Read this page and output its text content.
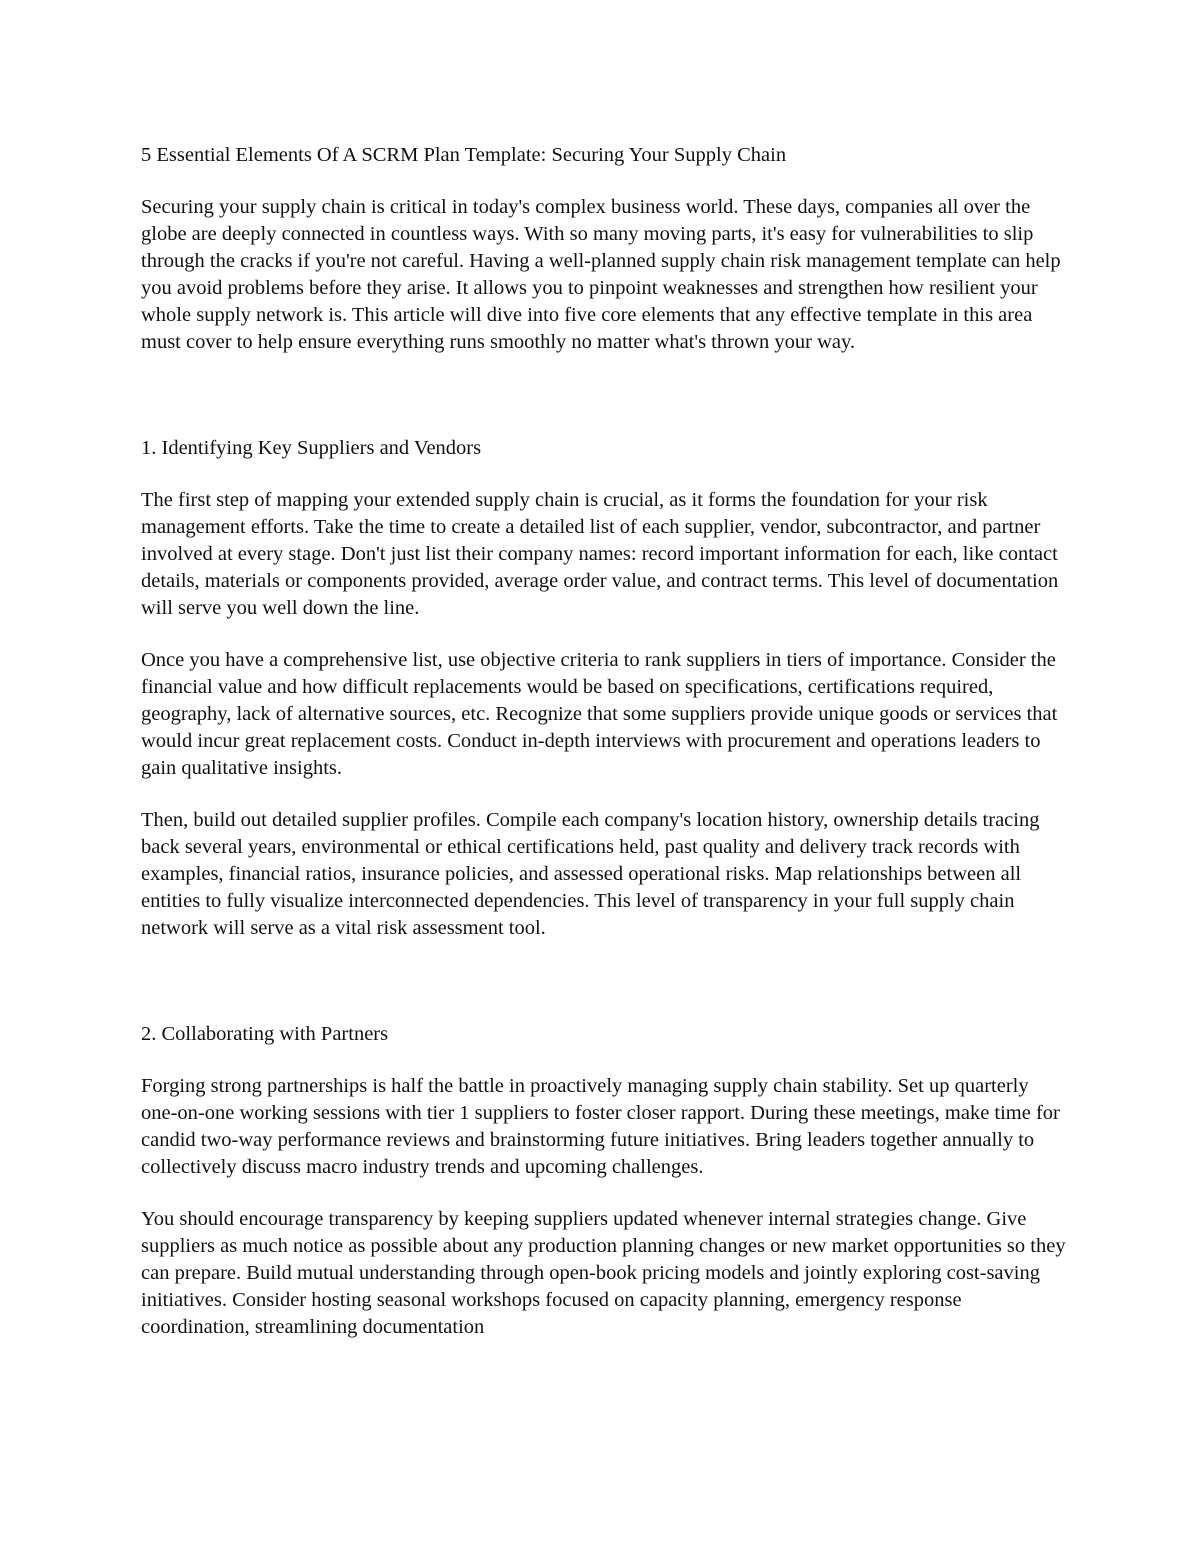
5 Essential Elements Of A SCRM Plan Template: Securing Your Supply Chain

Securing your supply chain is critical in today's complex business world. These days, companies all over the globe are deeply connected in countless ways. With so many moving parts, it's easy for vulnerabilities to slip through the cracks if you're not careful. Having a well-planned supply chain risk management template can help you avoid problems before they arise. It allows you to pinpoint weaknesses and strengthen how resilient your whole supply network is. This article will dive into five core elements that any effective template in this area must cover to help ensure everything runs smoothly no matter what's thrown your way.

1. Identifying Key Suppliers and Vendors

The first step of mapping your extended supply chain is crucial, as it forms the foundation for your risk management efforts. Take the time to create a detailed list of each supplier, vendor, subcontractor, and partner involved at every stage. Don't just list their company names: record important information for each, like contact details, materials or components provided, average order value, and contract terms. This level of documentation will serve you well down the line.

Once you have a comprehensive list, use objective criteria to rank suppliers in tiers of importance. Consider the financial value and how difficult replacements would be based on specifications, certifications required, geography, lack of alternative sources, etc. Recognize that some suppliers provide unique goods or services that would incur great replacement costs. Conduct in-depth interviews with procurement and operations leaders to gain qualitative insights.

Then, build out detailed supplier profiles. Compile each company's location history, ownership details tracing back several years, environmental or ethical certifications held, past quality and delivery track records with examples, financial ratios, insurance policies, and assessed operational risks. Map relationships between all entities to fully visualize interconnected dependencies. This level of transparency in your full supply chain network will serve as a vital risk assessment tool.

2. Collaborating with Partners

Forging strong partnerships is half the battle in proactively managing supply chain stability. Set up quarterly one-on-one working sessions with tier 1 suppliers to foster closer rapport. During these meetings, make time for candid two-way performance reviews and brainstorming future initiatives. Bring leaders together annually to collectively discuss macro industry trends and upcoming challenges.

You should encourage transparency by keeping suppliers updated whenever internal strategies change. Give suppliers as much notice as possible about any production planning changes or new market opportunities so they can prepare. Build mutual understanding through open-book pricing models and jointly exploring cost-saving initiatives. Consider hosting seasonal workshops focused on capacity planning, emergency response coordination, streamlining documentation
